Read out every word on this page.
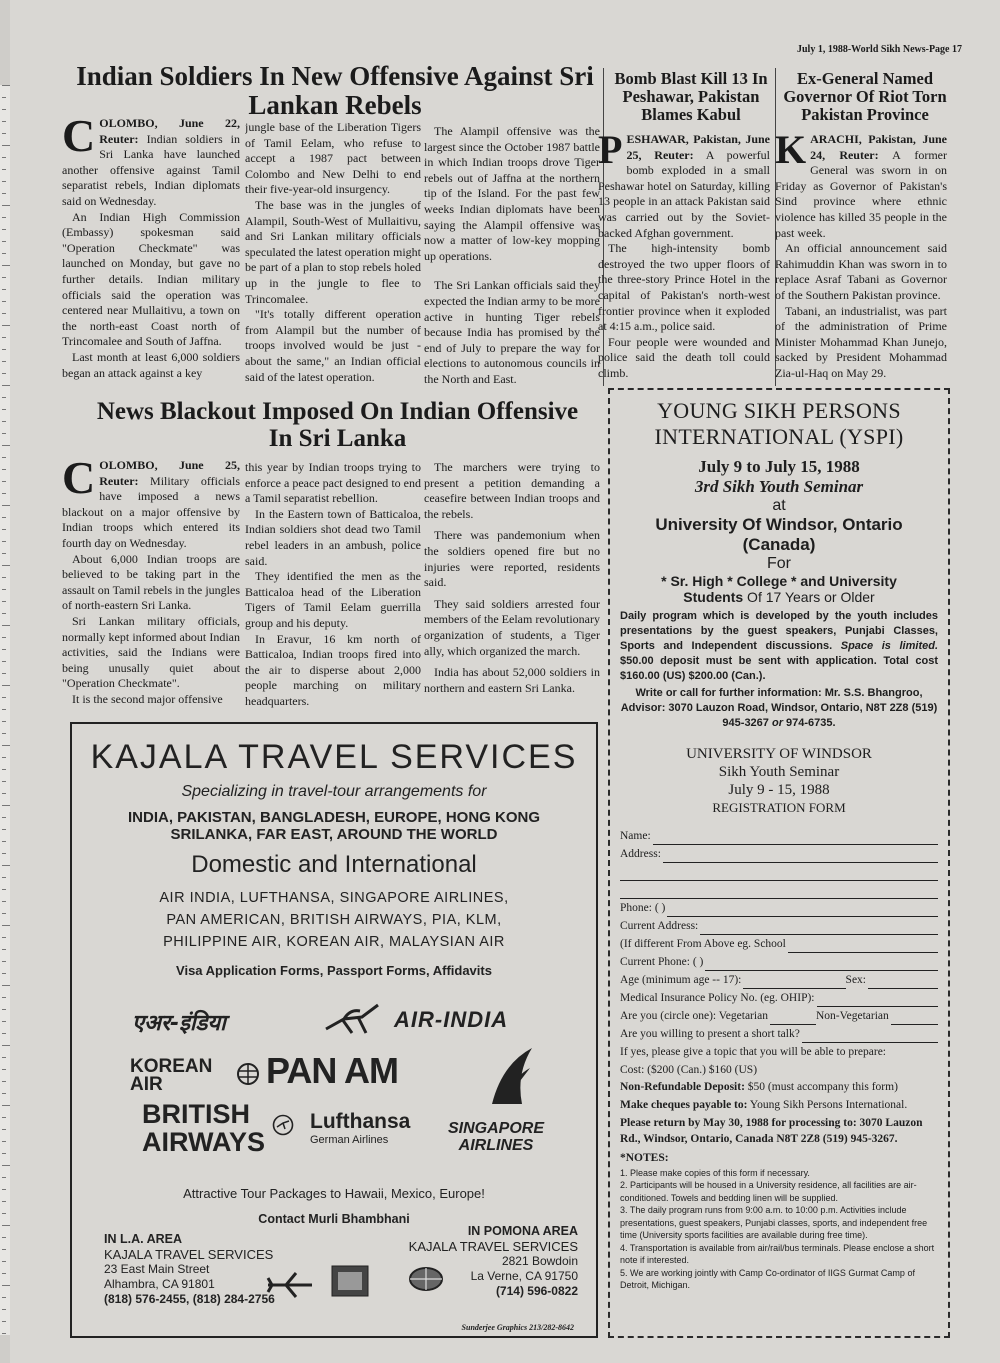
July 1, 1988-World Sikh News-Page 17
Indian Soldiers In New Offensive Against Sri Lankan Rebels

COLOMBO, June 22, Reuter: Indian soldiers in Sri Lanka have launched another offensive against Tamil separatist rebels, Indian diplomats said on Wednesday.

An Indian High Commission (Embassy) spokesman said "Operation Checkmate" was launched on Monday, but gave no further details. Indian military officials said the operation was centered near Mullaitivu, a town on the north-east Coast north of Trincomalee and South of Jaffna.

Last month at least 6,000 soldiers began an attack against a key

jungle base of the Liberation Tigers of Tamil Eelam, who refuse to accept a 1987 pact between Colombo and New Delhi to end their five-year-old insurgency.

The base was in the jungles of Alampil, South-West of Mullaitivu, and Sri Lankan military officials speculated the latest operation might be part of a plan to stop rebels holed up in the jungle to flee to Trincomalee.

"It's totally different operation from Alampil but the number of troops involved would be just - about the same," an Indian official said of the latest operation.

The Alampil offensive was the largest since the October 1987 battle in which Indian troops drove Tiger rebels out of Jaffna at the northern tip of the Island. For the past few weeks Indian diplomats have been saying the Alampil offensive was now a matter of low-key mopping up operations.

The Sri Lankan officials said they expected the Indian army to be more active in hunting Tiger rebels because India has promised by the end of July to prepare the way for elections to autonomous councils in the North and East.

Bomb Blast Kill 13 In Peshawar, Pakistan Blames Kabul

PESHAWAR, Pakistan, June 25, Reuter: A powerful bomb exploded in a small Peshawar hotel on Saturday, killing 13 people in an attack Pakistan said was carried out by the Soviet-backed Afghan government.

The high-intensity bomb destroyed the two upper floors of the three-story Prince Hotel in the capital of Pakistan's north-west frontier province when it exploded at 4:15 a.m., police said.

Four people were wounded and police said the death toll could climb.

Ex-General Named Governor Of Riot Torn Pakistan Province

KARACHI, Pakistan, June 24, Reuter: A former General was sworn in on Friday as Governor of Pakistan's Sind province where ethnic violence has killed 35 people in the past week.

An official announcement said Rahimuddin Khan was sworn in to replace Asraf Tabani as Governor of the Southern Pakistan province.

Tabani, an industrialist, was part of the administration of Prime Minister Mohammad Khan Junejo, sacked by President Mohammad Zia-ul-Haq on May 29.

News Blackout Imposed On Indian Offensive In Sri Lanka

COLOMBO, June 25, Reuter: Military officials have imposed a news blackout on a major offensive by Indian troops which entered its fourth day on Wednesday.

About 6,000 Indian troops are believed to be taking part in the assault on Tamil rebels in the jungles of north-eastern Sri Lanka.

Sri Lankan military officials, normally kept informed about Indian activities, said the Indians were being unusally quiet about "Operation Checkmate".

It is the second major offensive

this year by Indian troops trying to enforce a peace pact designed to end a Tamil separatist rebellion.

In the Eastern town of Batticaloa, Indian soldiers shot dead two Tamil rebel leaders in an ambush, police said.

They identified the men as the Batticaloa head of the Liberation Tigers of Tamil Eelam guerrilla group and his deputy.

In Eravur, 16 km north of Batticaloa, Indian troops fired into the air to disperse about 2,000 people marching on military headquarters.

The marchers were trying to present a petition demanding a ceasefire between Indian troops and the rebels.

There was pandemonium when the soldiers opened fire but no injuries were reported, residents said.

They said soldiers arrested four members of the Eelam revolutionary organization of students, a Tiger ally, which organized the march.

India has about 52,000 soldiers in northern and eastern Sri Lanka.

YOUNG SIKH PERSONS
INTERNATIONAL (YSPI)
July 9 to July 15, 1988
3rd Sikh Youth Seminar
at
University Of Windsor, Ontario
(Canada)
For
* Sr. High * College * and University
Students Of 17 Years or Older
Daily program which is developed by the youth includes presentations by the guest speakers, Punjabi Classes, Sports and Independent discussions. Space is limited. $50.00 deposit must be sent with application. Total cost $160.00 (US) $200.00 (Can.).
Write or call for further information: Mr. S.S. Bhangroo, Advisor: 3070 Lauzon Road, Windsor, Ontario, N8T 2Z8 (519) 945-3267 or 974-6735.
UNIVERSITY OF WINDSOR
Sikh Youth Seminar
July 9 - 15, 1988
REGISTRATION FORM
Name:
Address:
Phone: ( )
Current Address:
(If different From Above eg. School
Current Phone: ( )
Age (minimum age -- 17):	Sex:
Medical Insurance Policy No. (eg. OHIP):
Are you (circle one): Vegetarian	Non-Vegetarian
Are you willing to present a short talk?
If yes, please give a topic that you will be able to prepare:
Cost: ($200 (Can.) $160 (US)
Non-Refundable Deposit: $50 (must accompany this form)
Make cheques payable to: Young Sikh Persons International.
Please return by May 30, 1988 for processing to: 3070 Lauzon Rd., Windsor, Ontario, Canada N8T 2Z8 (519) 945-3267.
*NOTES:
1. Please make copies of this form if necessary.
2. Participants will be housed in a University residence, all facilities are air-conditioned. Towels and bedding linen will be supplied.
3. The daily program runs from 9:00 a.m. to 10:00 p.m. Activities include presentations, guest speakers, Punjabi classes, sports, and independent free time (University sports facilities are available during free time).
4. Transportation is available from air/rail/bus terminals. Please enclose a short note if interested.
5. We are working jointly with Camp Co-ordinator of IIGS Gurmat Camp of Detroit, Michigan.
KAJALA TRAVEL SERVICES
Specializing in travel-tour arrangements for
INDIA, PAKISTAN, BANGLADESH, EUROPE, HONG KONG
SRILANKA, FAR EAST, AROUND THE WORLD
Domestic and International
AIR INDIA, LUFTHANSA, SINGAPORE AIRLINES,
PAN AMERICAN, BRITISH AIRWAYS, PIA, KLM,
PHILIPPINE AIR, KOREAN AIR, MALAYSIAN AIR
Visa Application Forms, Passport Forms, Affidavits
एअर-इंडिया	AIR-INDIA
KOREAN
AIR	PAN AM
BRITISH
AIRWAYS
Lufthansa
German Airlines
SINGAPORE
AIRLINES
Attractive Tour Packages to Hawaii, Mexico, Europe!
Contact Murli Bhambhani
IN L.A. AREA
KAJALA TRAVEL SERVICES
23 East Main Street
Alhambra, CA 91801
(818) 576-2455, (818) 284-2756
IN POMONA AREA
KAJALA TRAVEL SERVICES
2821 Bowdoin
La Verne, CA 91750
(714) 596-0822
Sunderjee Graphics 213/282-8642
